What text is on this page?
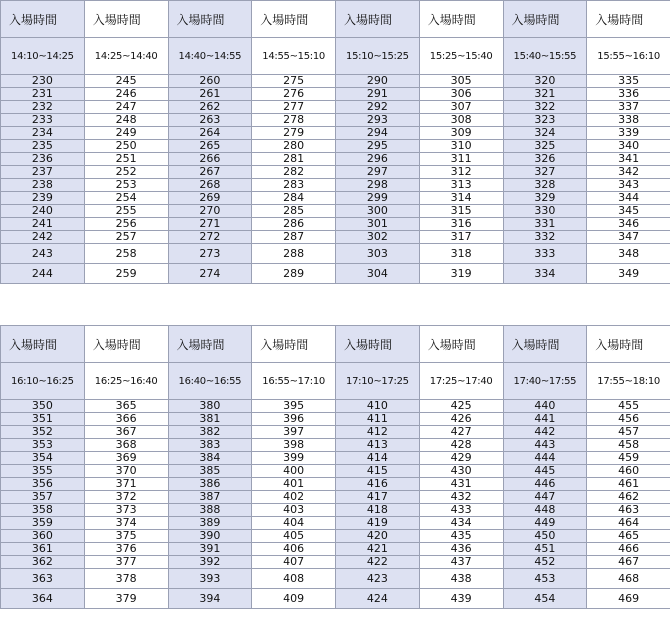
入場時間	入場時間	入場時間	入場時間	入場時間	入場時間	入場時間	入場時間
14:10~14:25	14:25~14:40	14:40~14:55	14:55~15:10	15:10~15:25	15:25~15:40	15:40~15:55	15:55~16:10
230	245	260	275	290	305	320	335
231	246	261	276	291	306	321	336
232	247	262	277	292	307	322	337
233	248	263	278	293	308	323	338
234	249	264	279	294	309	324	339
235	250	265	280	295	310	325	340
236	251	266	281	296	311	326	341
237	252	267	282	297	312	327	342
238	253	268	283	298	313	328	343
239	254	269	284	299	314	329	344
240	255	270	285	300	315	330	345
241	256	271	286	301	316	331	346
242	257	272	287	302	317	332	347
243	258	273	288	303	318	333	348
244	259	274	289	304	319	334	349
入場時間	入場時間	入場時間	入場時間	入場時間	入場時間	入場時間	入場時間
16:10~16:25	16:25~16:40	16:40~16:55	16:55~17:10	17:10~17:25	17:25~17:40	17:40~17:55	17:55~18:10
350	365	380	395	410	425	440	455
351	366	381	396	411	426	441	456
352	367	382	397	412	427	442	457
353	368	383	398	413	428	443	458
354	369	384	399	414	429	444	459
355	370	385	400	415	430	445	460
356	371	386	401	416	431	446	461
357	372	387	402	417	432	447	462
358	373	388	403	418	433	448	463
359	374	389	404	419	434	449	464
360	375	390	405	420	435	450	465
361	376	391	406	421	436	451	466
362	377	392	407	422	437	452	467
363	378	393	408	423	438	453	468
364	379	394	409	424	439	454	469
